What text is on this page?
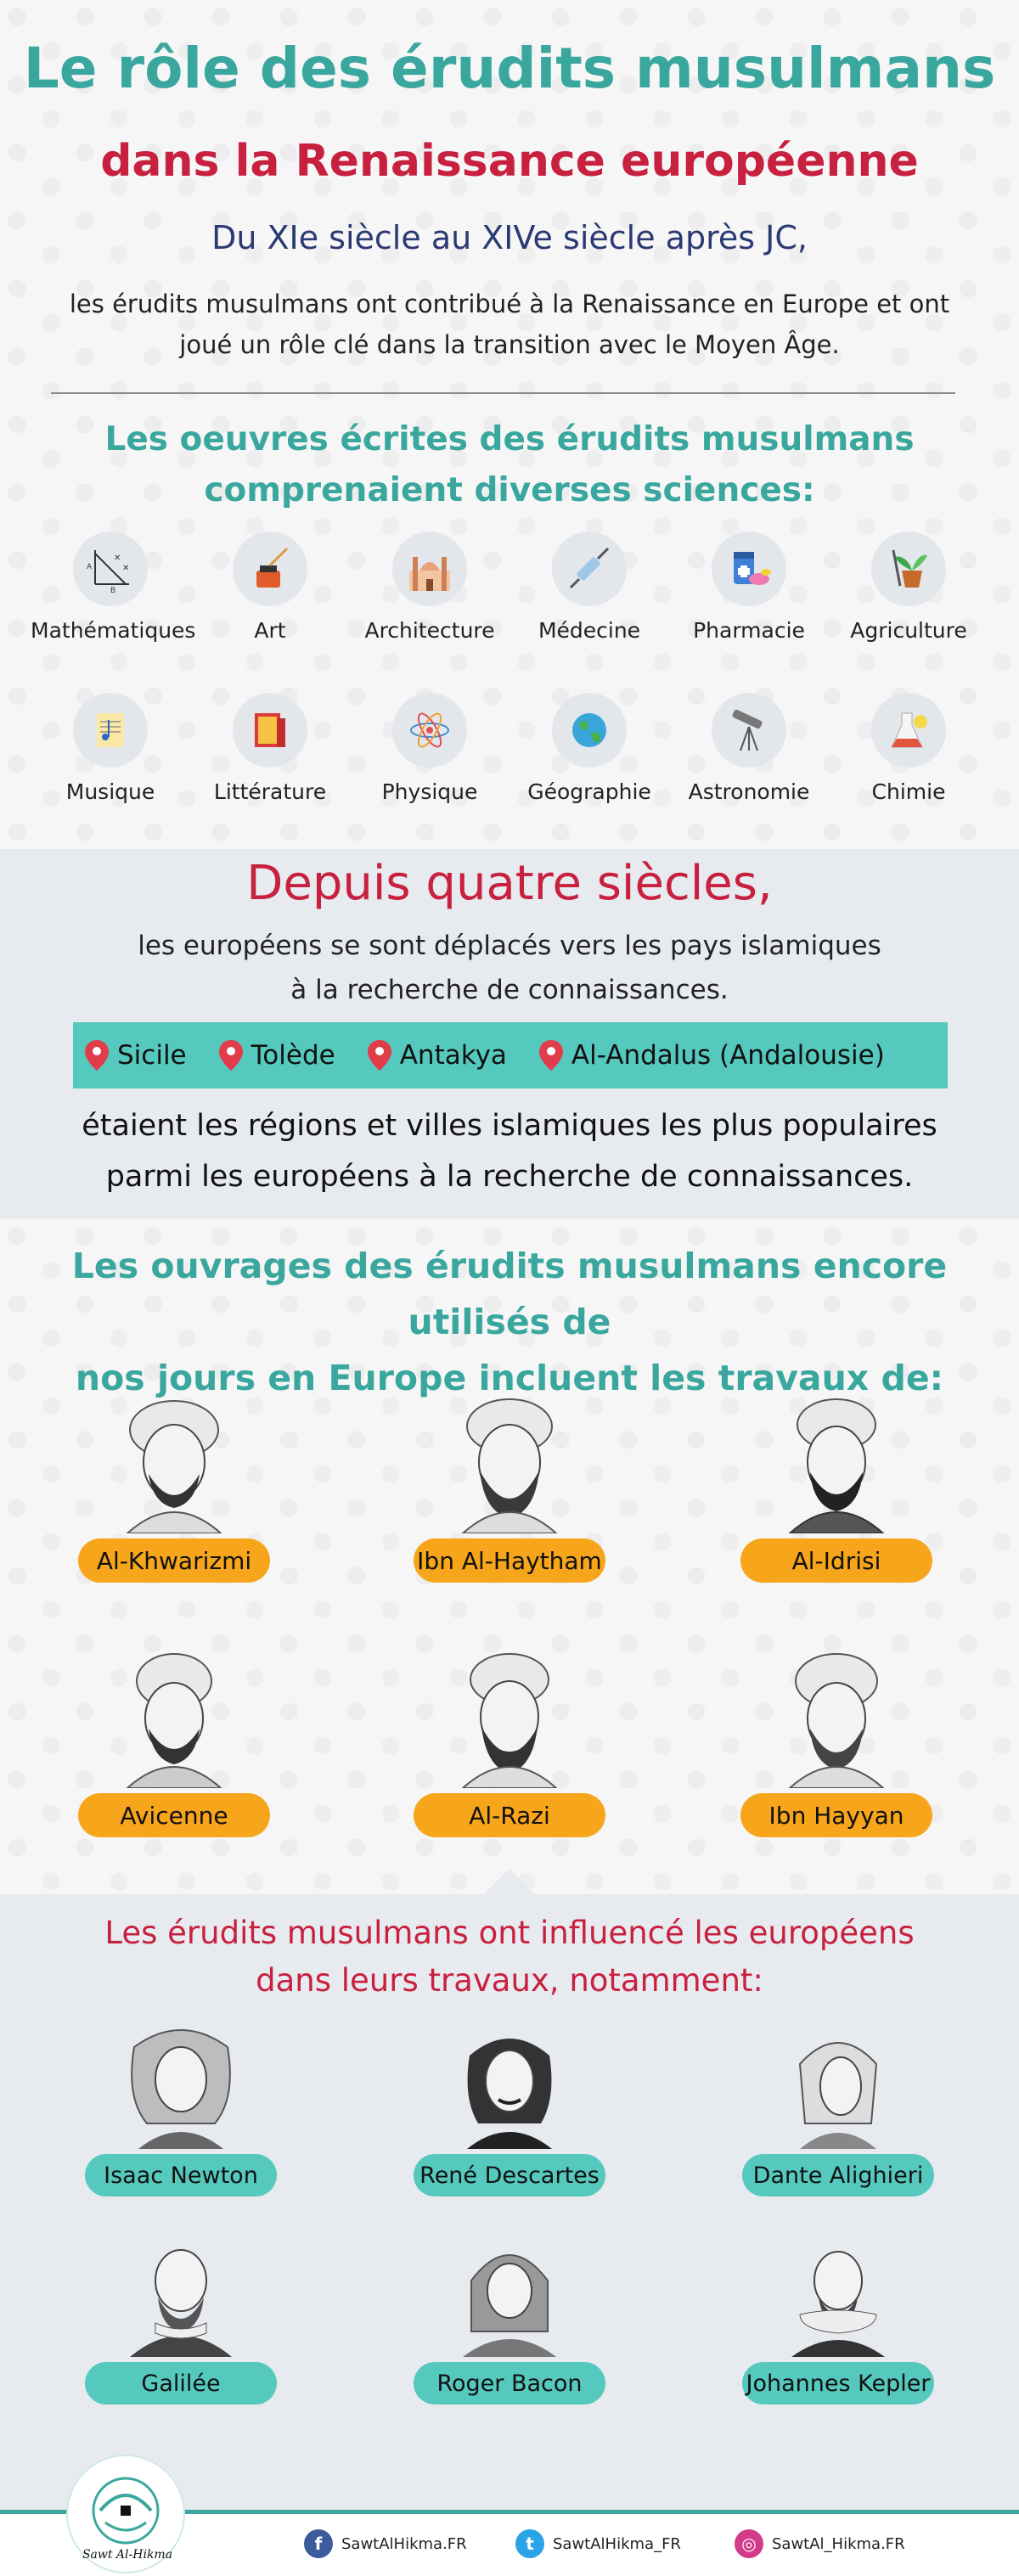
Le rôle des érudits musulmans
dans la Renaissance européenne
Du XIe siècle au XIVe siècle après JC,
les érudits musulmans ont contribué à la Renaissance en Europe et ont joué un rôle clé dans la transition avec le Moyen Âge.
Les oeuvres écrites des érudits musulmans
comprenaient diverses sciences:
✕
✕
A
B
Mathématiques	Art	Architecture	Médecine	Pharmacie	Agriculture
Musique	Littérature	Physique	Géographie	Astronomie	Chimie
Depuis quatre siècles,
les européens se sont déplacés vers les pays islamiques
à la recherche de connaissances.
Sicile Tolède Antakya Al-Andalus (Andalousie)
étaient les régions et villes islamiques les plus populaires
parmi les européens à la recherche de connaissances.
Les ouvrages des érudits musulmans encore utilisés de
nos jours en Europe incluent les travaux de:
Al-Khwarizmi	Ibn Al-Haytham	Al-Idrisi
Avicenne	Al-Razi	Ibn Hayyan
Les érudits musulmans ont influencé les européens
dans leurs travaux, notamment:
Isaac Newton	René Descartes	Dante Alighieri
Galilée	Roger Bacon	Johannes Kepler
Sawt Al-Hikma
f	SawtAlHikma.FR	t	SawtAlHikma_FR	◎	SawtAl_Hikma.FR
